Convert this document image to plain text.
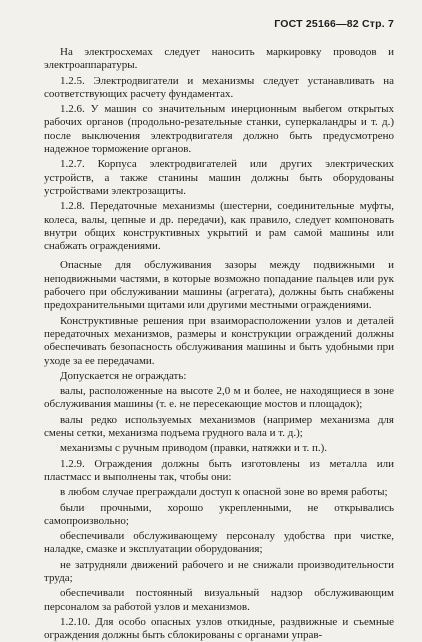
ГОСТ 25166—82 Стр. 7

На электросхемах следует наносить маркировку проводов и электроаппаратуры.

1.2.5. Электродвигатели и механизмы следует устанавливать на соответствующих расчету фундаментах.

1.2.6. У машин со значительным инерционным выбегом открытых рабочих органов (продольно-резательные станки, суперкаландры и т. д.) после выключения электродвигателя должно быть предусмотрено надежное торможение органов.

1.2.7. Корпуса электродвигателей или других электрических устройств, а также станины машин должны быть оборудованы устройствами электрозащиты.

1.2.8. Передаточные механизмы (шестерни, соединительные муфты, колеса, валы, цепные и др. передачи), как правило, следует компоновать внутри общих конструктивных укрытий и рам самой машины или снабжать ограждениями.

Опасные для обслуживания зазоры между подвижными и неподвижными частями, в которые возможно попадание пальцев или рук рабочего при обслуживании машины (агрегата), должны быть снабжены предохранительными щитами или другими местными ограждениями.

Конструктивные решения при взаиморасположении узлов и деталей передаточных механизмов, размеры и конструкции ограждений должны обеспечивать безопасность обслуживания машины и быть удобными при уходе за ее передачами.

Допускается не ограждать:

валы, расположенные на высоте 2,0 м и более, не находящиеся в зоне обслуживания машины (т. е. не пересекающие мостов и площадок);

валы редко используемых механизмов (например механизма для смены сетки, механизма подъема грудного вала и т. д.);

механизмы с ручным приводом (правки, натяжки и т. п.).

1.2.9. Ограждения должны быть изготовлены из металла или пластмасс и выполнены так, чтобы они:

в любом случае преграждали доступ к опасной зоне во время работы;

были прочными, хорошо укрепленными, не открывались самопроизвольно;

обеспечивали обслуживающему персоналу удобства при чистке, наладке, смазке и эксплуатации оборудования;

не затрудняли движений рабочего и не снижали производительности труда;

обеспечивали постоянный визуальный надзор обслуживающим персоналом за работой узлов и механизмов.

1.2.10. Для особо опасных узлов откидные, раздвижные и съемные ограждения должны быть сблокированы с органами управ-
